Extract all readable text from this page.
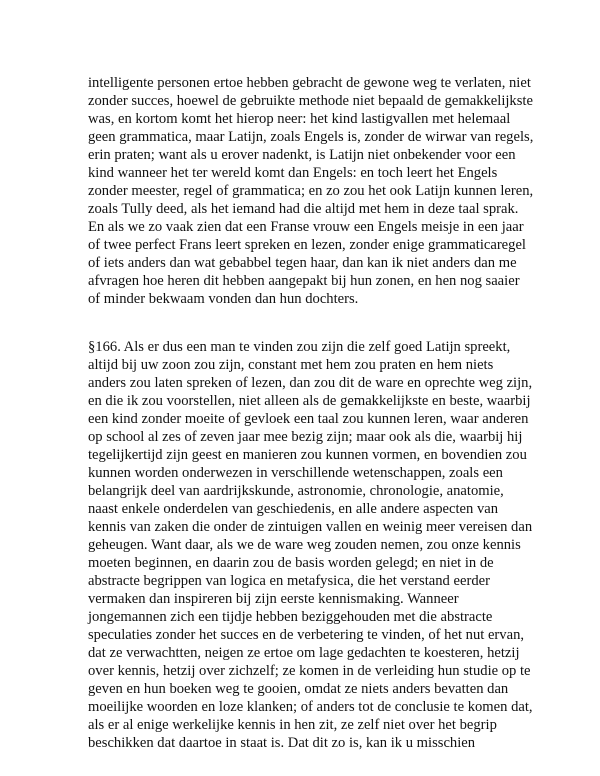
intelligente personen ertoe hebben gebracht de gewone weg te verlaten, niet
zonder succes, hoewel de gebruikte methode niet bepaald de gemakkelijkste
was, en kortom komt het hierop neer: het kind lastigvallen met helemaal
geen grammatica, maar Latijn, zoals Engels is, zonder de wirwar van regels,
erin praten; want als u erover nadenkt, is Latijn niet onbekender voor een
kind wanneer het ter wereld komt dan Engels: en toch leert het Engels
zonder meester, regel of grammatica; en zo zou het ook Latijn kunnen leren,
zoals Tully deed, als het iemand had die altijd met hem in deze taal sprak.
En als we zo vaak zien dat een Franse vrouw een Engels meisje in een jaar
of twee perfect Frans leert spreken en lezen, zonder enige grammaticaregel
of iets anders dan wat gebabbel tegen haar, dan kan ik niet anders dan me
afvragen hoe heren dit hebben aangepakt bij hun zonen, en hen nog saaier
of minder bekwaam vonden dan hun dochters.
§166. Als er dus een man te vinden zou zijn die zelf goed Latijn spreekt,
altijd bij uw zoon zou zijn, constant met hem zou praten en hem niets
anders zou laten spreken of lezen, dan zou dit de ware en oprechte weg zijn,
en die ik zou voorstellen, niet alleen als de gemakkelijkste en beste, waarbij
een kind zonder moeite of gevloek een taal zou kunnen leren, waar anderen
op school al zes of zeven jaar mee bezig zijn; maar ook als die, waarbij hij
tegelijkertijd zijn geest en manieren zou kunnen vormen, en bovendien zou
kunnen worden onderwezen in verschillende wetenschappen, zoals een
belangrijk deel van aardrijkskunde, astronomie, chronologie, anatomie,
naast enkele onderdelen van geschiedenis, en alle andere aspecten van
kennis van zaken die onder de zintuigen vallen en weinig meer vereisen dan
geheugen. Want daar, als we de ware weg zouden nemen, zou onze kennis
moeten beginnen, en daarin zou de basis worden gelegd; en niet in de
abstracte begrippen van logica en metafysica, die het verstand eerder
vermaken dan inspireren bij zijn eerste kennismaking. Wanneer
jongemannen zich een tijdje hebben beziggehouden met die abstracte
speculaties zonder het succes en de verbetering te vinden, of het nut ervan,
dat ze verwachtten, neigen ze ertoe om lage gedachten te koesteren, hetzij
over kennis, hetzij over zichzelf; ze komen in de verleiding hun studie op te
geven en hun boeken weg te gooien, omdat ze niets anders bevatten dan
moeilijke woorden en loze klanken; of anders tot de conclusie te komen dat,
als er al enige werkelijke kennis in hen zit, ze zelf niet over het begrip
beschikken dat daartoe in staat is. Dat dit zo is, kan ik u misschien
